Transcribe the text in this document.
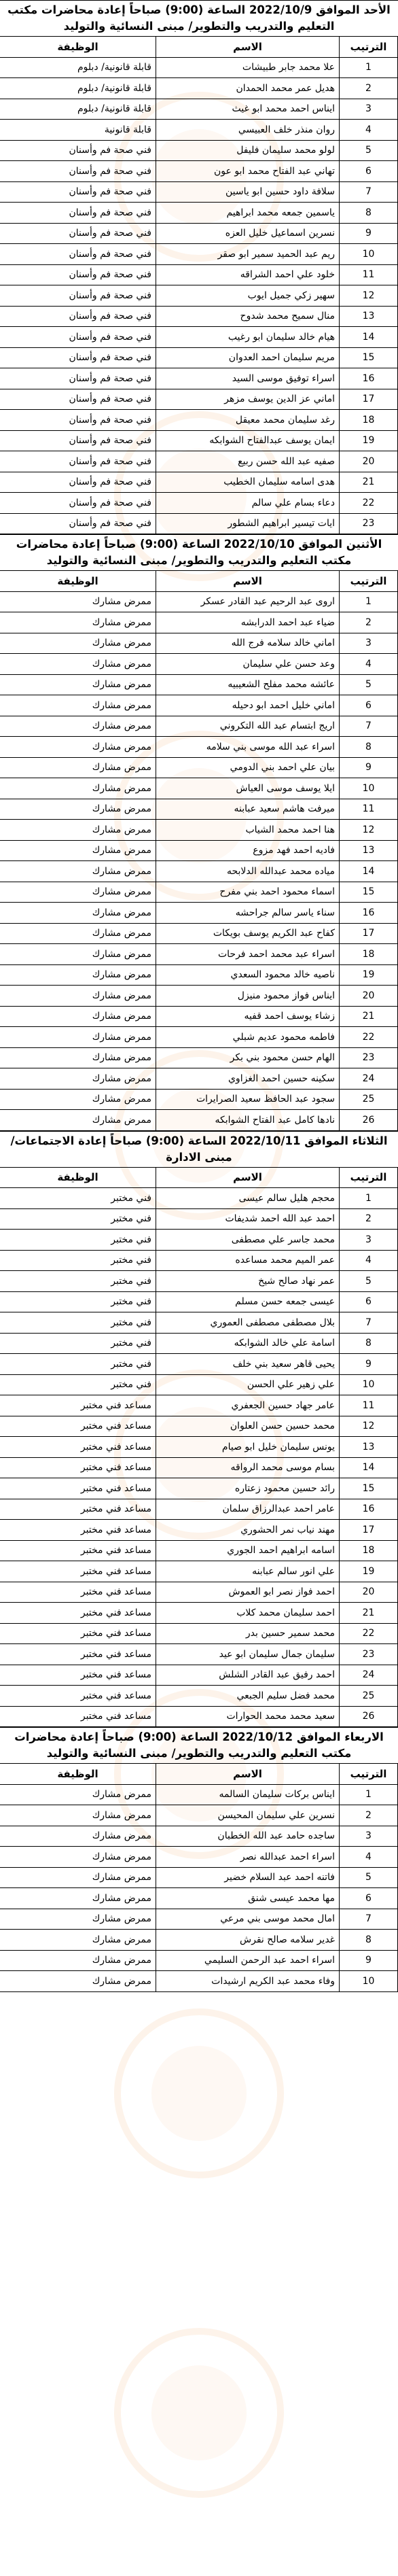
الأحد الموافق 2022/10/9 الساعة (9:00) صباحاً إعادة محاضرات مكتب التعليم والتدريب والتطوير/ مبنى النسائية والتوليد
الترتيب	الاسم	الوظيفة
1	علا محمد جابر طبيشات	قابلة قانونية/ دبلوم
2	هديل عمر محمد الحمدان	قابلة قانونية/ دبلوم
3	ايناس احمد محمد ابو غيث	قابلة قانونية/ دبلوم
4	روان منذر خلف العبيسي	قابلة قانونية
5	لولو محمد سليمان فليفل	فني صحة فم وأسنان
6	تهاني عبد الفتاح محمد ابو عون	فني صحة فم وأسنان
7	سلافة داود حسين ابو ياسين	فني صحة فم وأسنان
8	ياسمين جمعه محمد ابراهيم	فني صحة فم وأسنان
9	نسرين اسماعيل خليل العزه	فني صحة فم وأسنان
10	ريم عبد الحميد سمير ابو صقر	فني صحة فم وأسنان
11	خلود علي احمد الشراقه	فني صحة فم وأسنان
12	سهير زكي جميل ايوب	فني صحة فم وأسنان
13	منال سميح محمد شدوح	فني صحة فم وأسنان
14	هيام خالد سليمان ابو رغيب	فني صحة فم وأسنان
15	مريم سليمان احمد العدوان	فني صحة فم وأسنان
16	اسراء توفيق موسى السيد	فني صحة فم وأسنان
17	اماني عز الدين يوسف مزهر	فني صحة فم وأسنان
18	رغد سليمان محمد معيقل	فني صحة فم وأسنان
19	ايمان يوسف عبدالفتاح الشوابكه	فني صحة فم وأسنان
20	صفيه عبد الله حسن ربيع	فني صحة فم وأسنان
21	هدى اسامه سليمان الخطيب	فني صحة فم وأسنان
22	دعاء بسام علي سالم	فني صحة فم وأسنان
23	ايات تيسير ابراهيم الشطور	فني صحة فم وأسنان
الأثنين الموافق 2022/10/10 الساعة (9:00) صباحاً إعادة محاضرات مكتب التعليم والتدريب والتطوير/ مبنى النسائية والتوليد
الترتيب	الاسم	الوظيفة
1	اروى عبد الرحيم عبد القادر عسكر	ممرض مشارك
2	ضياء عبد احمد الدرابشه	ممرض مشارك
3	اماني خالد سلامه فرج الله	ممرض مشارك
4	وعد حسن علي سليمان	ممرض مشارك
5	عائشه محمد مفلح الشعيبيه	ممرض مشارك
6	اماني خليل احمد ابو دحيله	ممرض مشارك
7	اريج ابتسام عبد الله التكروني	ممرض مشارك
8	اسراء عبد الله موسى بني سلامه	ممرض مشارك
9	بيان علي احمد بني الدومي	ممرض مشارك
10	ايلا يوسف موسى العياش	ممرض مشارك
11	ميرفت هاشم سعيد عبابنه	ممرض مشارك
12	هنا احمد محمد الشياب	ممرض مشارك
13	فاديه احمد فهد مزوع	ممرض مشارك
14	مياده محمد عبدالله الدلابحه	ممرض مشارك
15	اسماء محمود احمد بني مفرح	ممرض مشارك
16	سناء ياسر سالم جراحشه	ممرض مشارك
17	كفاح عبد الكريم يوسف بويكات	ممرض مشارك
18	اسراء عبد محمد احمد فرحات	ممرض مشارك
19	ناصيه خالد محمود السعدي	ممرض مشارك
20	ايناس فواز محمود منيزل	ممرض مشارك
21	زشاء يوسف احمد قفيه	ممرض مشارك
22	فاطمه محمود عديم شبلي	ممرض مشارك
23	الهام حسن محمود بني بكر	ممرض مشارك
24	سكينه حسين احمد الغزاوي	ممرض مشارك
25	سجود عبد الحافظ سعيد الصرايرات	ممرض مشارك
26	نادها كامل عبد الفتاح الشوابكه	ممرض مشارك
الثلاثاء الموافق 2022/10/11 الساعة (9:00) صباحاً إعادة الاجتماعات/ مبنى الادارة
الترتيب	الاسم	الوظيفة
1	محجم هليل سالم عيسى	فني مختبر
2	احمد عبد الله احمد شديفات	فني مختبر
3	محمد جاسر علي مصطفى	فني مختبر
4	عمر الميم محمد مساعده	فني مختبر
5	عمر نهاد صالح شيخ	فني مختبر
6	عيسى جمعه حسن مسلم	فني مختبر
7	بلال مصطفى مصطفى العموري	فني مختبر
8	اسامة علي خالد الشوابكه	فني مختبر
9	يحيى قاهر سعيد بني خلف	فني مختبر
10	علي زهير علي الحسن	فني مختبر
11	عامر جهاد حسين الجعفري	مساعد فني مختبر
12	محمد حسين حسن العلوان	مساعد فني مختبر
13	يونس سليمان خليل ابو صيام	مساعد فني مختبر
14	بسام موسى محمد الرواقه	مساعد فني مختبر
15	رائد حسين محمود زعتاره	مساعد فني مختبر
16	عامر احمد عبدالرزاق سلمان	مساعد فني مختبر
17	مهند نياب نمر الحشوري	مساعد فني مختبر
18	اسامه ابراهيم احمد الجوري	مساعد فني مختبر
19	علي انور سالم عبابنه	مساعد فني مختبر
20	احمد فواز نصر ابو العموش	مساعد فني مختبر
21	احمد سليمان محمد كلاب	مساعد فني مختبر
22	محمد سمير حسين بدر	مساعد فني مختبر
23	سليمان جمال سليمان ابو عيد	مساعد فني مختبر
24	احمد رفيق عبد القادر الشلش	مساعد فني مختبر
25	محمد فضل سليم الجبعي	مساعد فني مختبر
26	سعيد محمد محمد الحوارات	مساعد فني مختبر
الاربعاء الموافق 2022/10/12 الساعة (9:00) صباحاً إعادة محاضرات مكتب التعليم والتدريب والتطوير/ مبنى النسائية والتوليد
الترتيب	الاسم	الوظيفة
1	ايناس بركات سليمان السالمه	ممرض مشارك
2	نسرين علي سليمان المحيسن	ممرض مشارك
3	ساجده حامد عبد الله الخطبان	ممرض مشارك
4	اسراء احمد عبدالله نصر	ممرض مشارك
5	فاتنه احمد عبد السلام خضير	ممرض مشارك
6	مها محمد عيسى شنق	ممرض مشارك
7	امال محمد موسى بني مرعي	ممرض مشارك
8	غدير سلامه صالح نقرش	ممرض مشارك
9	اسراء احمد عبد الرحمن السليمي	ممرض مشارك
10	وفاء محمد عبد الكريم ارشيدات	ممرض مشارك
